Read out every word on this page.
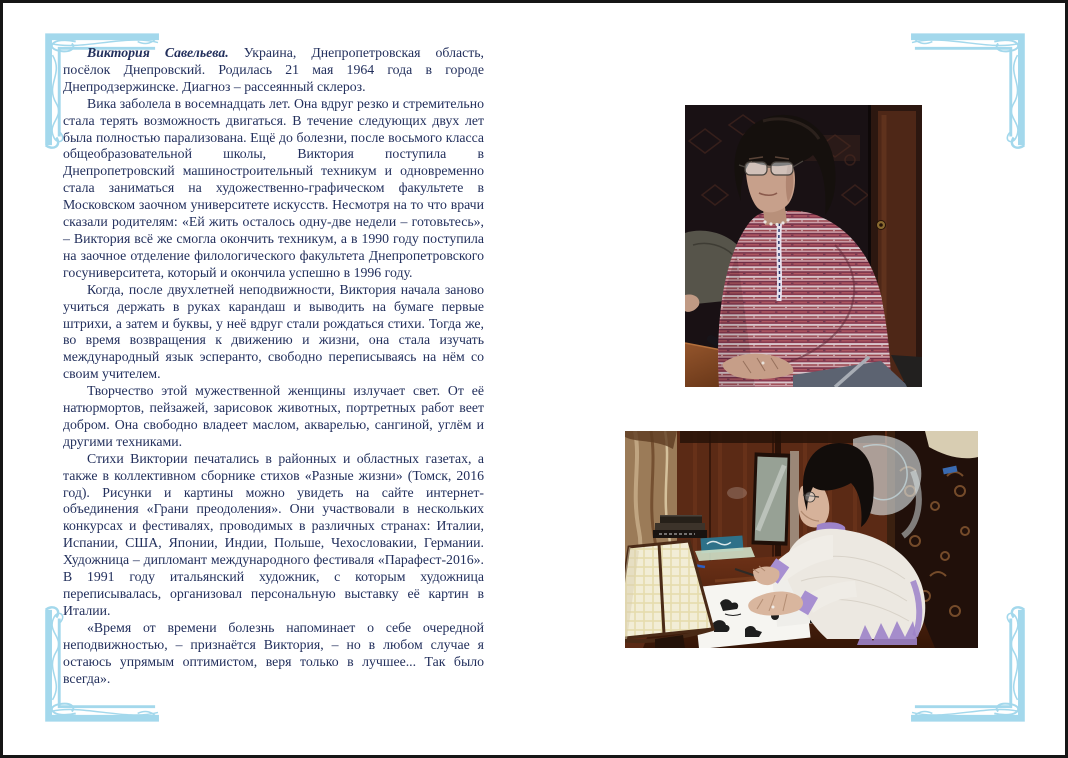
Виктория Савельева. Украина, Днепропетровская область, посёлок Днепровский. Родилась 21 мая 1964 года в городе Днепродзержинске. Диагноз – рассеянный склероз.

Вика заболела в восемнадцать лет. Она вдруг резко и стремительно стала терять возможность двигаться. В течение следующих двух лет была полностью парализована. Ещё до болезни, после восьмого класса общеобразовательной школы, Виктория поступила в Днепропетровский машиностроительный техникум и одновременно стала заниматься на художественно-графическом факультете в Московском заочном университете искусств. Несмотря на то что врачи сказали родителям: «Ей жить осталось одну-две недели – готовьтесь», – Виктория всё же смогла окончить техникум, а в 1990 году поступила на заочное отделение филологического факультета Днепропетровского госуниверситета, который и окончила успешно в 1996 году.

Когда, после двухлетней неподвижности, Виктория начала заново учиться держать в руках карандаш и выводить на бумаге первые штрихи, а затем и буквы, у неё вдруг стали рождаться стихи. Тогда же, во время возвращения к движению и жизни, она стала изучать международный язык эсперанто, свободно переписываясь на нём со своим учителем.

Творчество этой мужественной женщины излучает свет. От её натюрмортов, пейзажей, зарисовок животных, портретных работ веет добром. Она свободно владеет маслом, акварелью, сангиной, углём и другими техниками.

Стихи Виктории печатались в районных и областных газетах, а также в коллективном сборнике стихов «Разные жизни» (Томск, 2016 год). Рисунки и картины можно увидеть на сайте интернет-объединения «Грани преодоления». Они участвовали в нескольких конкурсах и фестивалях, проводимых в различных странах: Италии, Испании, США, Японии, Индии, Польше, Чехословакии, Германии. Художница – дипломант международного фестиваля «Парафест-2016». В 1991 году итальянский художник, с которым художница переписывалась, организовал персональную выставку её картин в Италии.

«Время от времени болезнь напоминает о себе очередной неподвижностью, – признаётся Виктория, – но в любом случае я остаюсь упрямым оптимистом, веря только в лучшее... Так было всегда».
